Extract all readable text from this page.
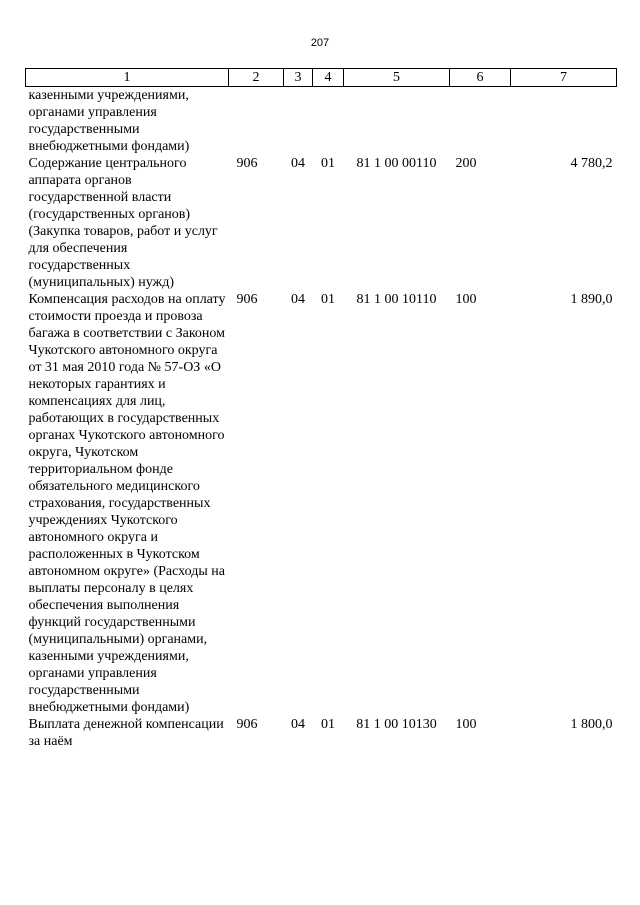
207
1	2	3	4	5	6	7
казенными учреждениями, органами управления государственными внебюджетными фондами)						
Содержание центрального аппарата органов государственной власти (государственных органов) (Закупка товаров, работ и услуг для обеспечения государственных (муниципальных) нужд)	906	04	01	81 1 00 00110	200	4 780,2
Компенсация расходов на оплату стоимости проезда и провоза багажа в соответствии с Законом Чукотского автономного округа от 31 мая 2010 года № 57-ОЗ «О некоторых гарантиях и компенсациях для лиц, работающих в государственных органах Чукотского автономного округа, Чукотском территориальном фонде обязательного медицинского страхования, государственных учреждениях Чукотского автономного округа и расположенных в Чукотском автономном округе» (Расходы на выплаты персоналу в целях обеспечения выполнения функций государственными (муниципальными) органами, казенными учреждениями, органами управления государственными внебюджетными фондами)	906	04	01	81 1 00 10110	100	1 890,0
Выплата денежной компенсации за наём	906	04	01	81 1 00 10130	100	1 800,0
